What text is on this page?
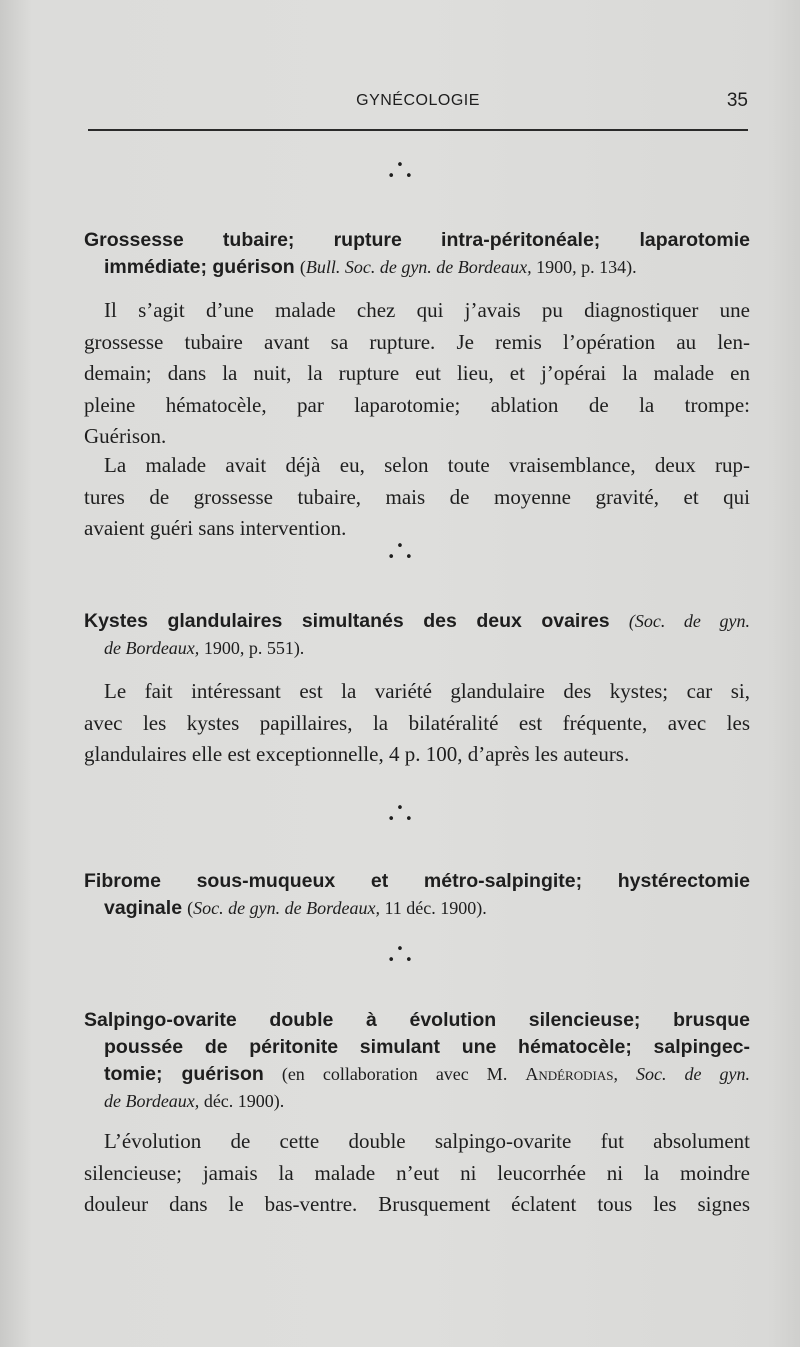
GYNÉCOLOGIE	35
•
••
Grossesse tubaire; rupture intra-péritonéale; laparotomie
immédiate; guérison (Bull. Soc. de gyn. de Bordeaux, 1900, p. 134).
Il s’agit d’une malade chez qui j’avais pu diagnostiquer une
grossesse tubaire avant sa rupture. Je remis l’opération au len-
demain; dans la nuit, la rupture eut lieu, et j’opérai la malade en
pleine hématocèle, par laparotomie; ablation de la trompe:
Guérison.
La malade avait déjà eu, selon toute vraisemblance, deux rup-
tures de grossesse tubaire, mais de moyenne gravité, et qui
avaient guéri sans intervention.
•
••
Kystes glandulaires simultanés des deux ovaires (Soc. de gyn.
de Bordeaux, 1900, p. 551).
Le fait intéressant est la variété glandulaire des kystes; car si,
avec les kystes papillaires, la bilatéralité est fréquente, avec les
glandulaires elle est exceptionnelle, 4 p. 100, d’après les auteurs.
•
••
Fibrome sous-muqueux et métro-salpingite; hystérectomie
vaginale (Soc. de gyn. de Bordeaux, 11 déc. 1900).
•
••
Salpingo-ovarite double à évolution silencieuse; brusque
poussée de péritonite simulant une hématocèle; salpingec-
tomie; guérison (en collaboration avec M. Andérodias, Soc. de gyn.
de Bordeaux, déc. 1900).
L’évolution de cette double salpingo-ovarite fut absolument
silencieuse; jamais la malade n’eut ni leucorrhée ni la moindre
douleur dans le bas-ventre. Brusquement éclatent tous les signes
